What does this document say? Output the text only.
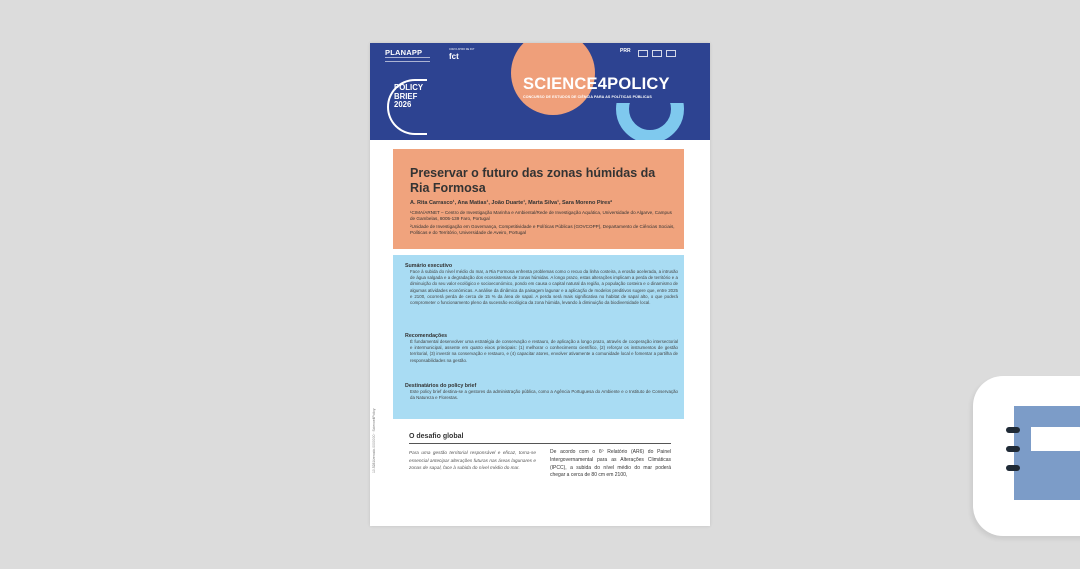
PLANAPP	COM O APOIO DE FCT
fct
PRR
POLICY
BRIEF
2026
SCIENCE4POLICY
CONCURSO DE ESTUDOS DE CIÊNCIA PARA AS POLÍTICAS PÚBLICAS
Preservar o futuro das zonas húmidas da Ria Formosa

A. Rita Carrasco¹, Ana Matias¹, João Duarte¹, Marta Silva¹, Sara Moreno Pires²

¹CIMA/ARNET – Centro de Investigação Marinha e Ambiental/Rede de Investigação Aquática, Universidade do Algarve, Campus de Gambelas, 8005-139 Faro, Portugal

²Unidade de Investigação em Governança, Competitividade e Políticas Públicas (GOVCOPP), Departamento de Ciências Sociais, Políticas e do Território, Universidade de Aveiro, Portugal

Sumário executivo

Face à subida do nível médio do mar, a Ria Formosa enfrenta problemas como o recuo da linha costeira, a erosão acelerada, a intrusão de água salgada e a degradação dos ecossistemas de zonas húmidas. A longo prazo, estas alterações implicam a perda de território e a diminuição do seu valor ecológico e socioeconómico, pondo em causa o capital natural da região, a população costeira e o dinamismo de algumas atividades económicas. A análise da dinâmica da paisagem lagunar e a aplicação de modelos preditivos sugere que, entre 2025 e 2100, ocorrerá perda de cerca de 15 % da área de sapal. A perda será mais significativa no habitat de sapal alto, o que poderá comprometer o funcionamento pleno da sucessão ecológica da zona húmida, levando à diminuição da biodiversidade local.

Recomendações

É fundamental desenvolver uma estratégia de conservação e restauro, de aplicação a longo prazo, através de cooperação intersectorial e intermunicipal, assente em quatro eixos principais: (1) melhorar o conhecimento científico, (2) reforçar os instrumentos de gestão territorial, (3) investir na conservação e restauro, e (4) capacitar atores, envolver ativamente a comunidade local e fomentar a partilha de responsabilidades na gestão.

Destinatários do policy brief

Este policy brief destina-se a gestores da administração pública, como a Agência Portuguesa do Ambiente e o Instituto de Conservação da Natureza e Florestas.

10.5281/zenodo.0000000 · Science4Policy	O desafio global

Para uma gestão territorial responsável e eficaz, torna-se essencial antecipar alterações futuras nas áreas lagunares e zonas de sapal, face à subida do nível médio do mar.

De acordo com o 6º Relatório (AR6) do Painel Intergovernamental para as Alterações Climáticas (IPCC), a subida do nível médio do mar poderá chegar a cerca de 80 cm em 2100,
